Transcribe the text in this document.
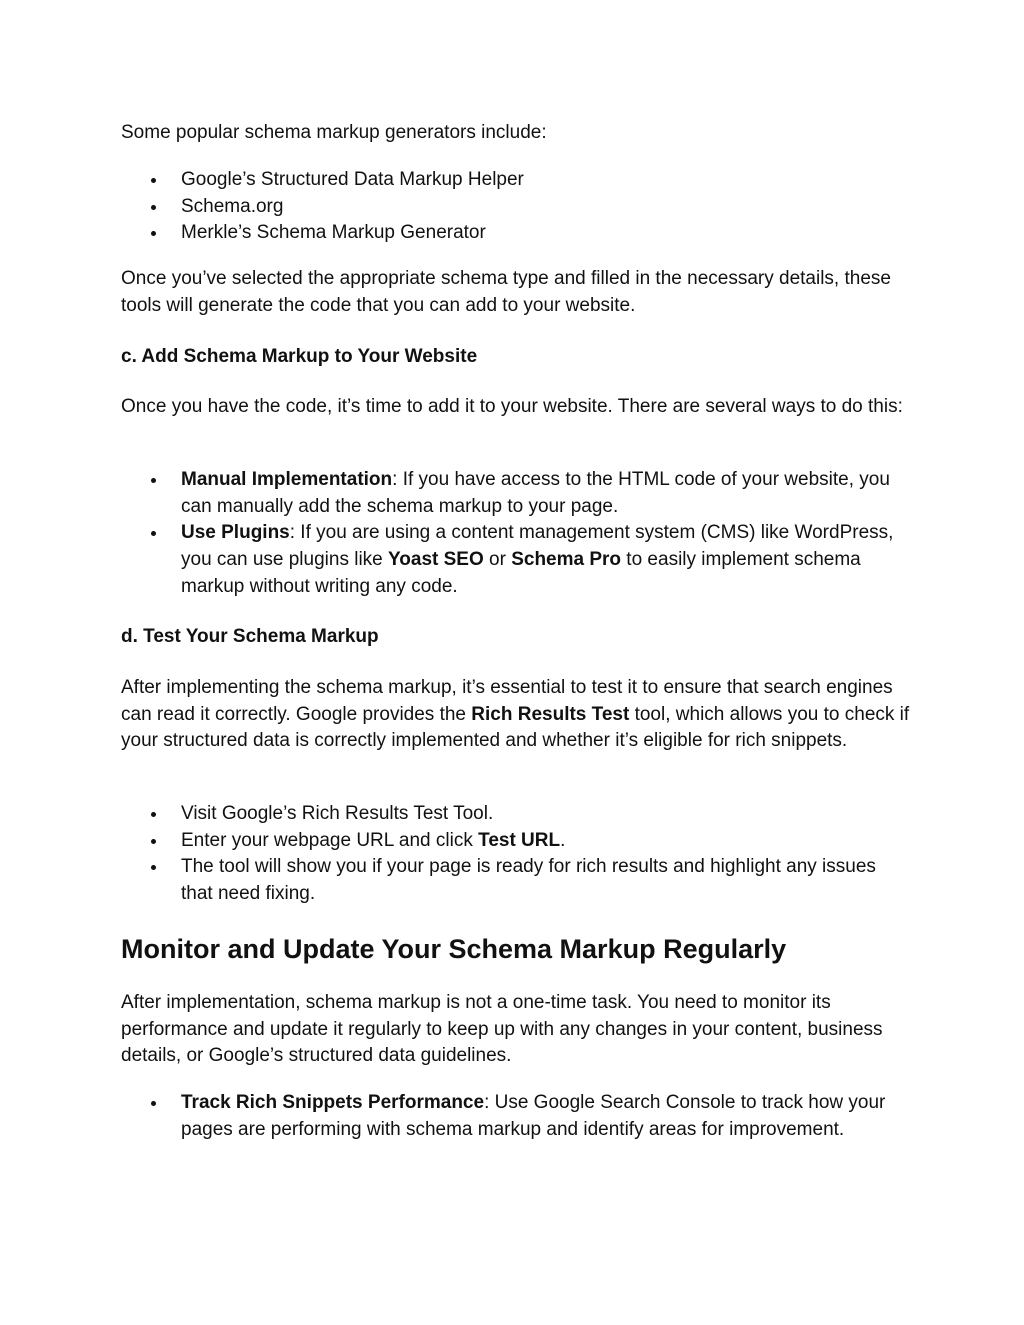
Some popular schema markup generators include:

Google’s Structured Data Markup Helper
Schema.org
Merkle’s Schema Markup Generator

Once you’ve selected the appropriate schema type and filled in the necessary details, these tools will generate the code that you can add to your website.

c. Add Schema Markup to Your Website

Once you have the code, it’s time to add it to your website. There are several ways to do this:

Manual Implementation: If you have access to the HTML code of your website, you can manually add the schema markup to your page.
Use Plugins: If you are using a content management system (CMS) like WordPress, you can use plugins like Yoast SEO or Schema Pro to easily implement schema markup without writing any code.
d. Test Your Schema Markup

After implementing the schema markup, it’s essential to test it to ensure that search engines can read it correctly. Google provides the Rich Results Test tool, which allows you to check if your structured data is correctly implemented and whether it’s eligible for rich snippets.

Visit Google’s Rich Results Test Tool.
Enter your webpage URL and click Test URL.
The tool will show you if your page is ready for rich results and highlight any issues that need fixing.
Monitor and Update Your Schema Markup Regularly

After implementation, schema markup is not a one-time task. You need to monitor its performance and update it regularly to keep up with any changes in your content, business details, or Google’s structured data guidelines.

Track Rich Snippets Performance: Use Google Search Console to track how your pages are performing with schema markup and identify areas for improvement.
